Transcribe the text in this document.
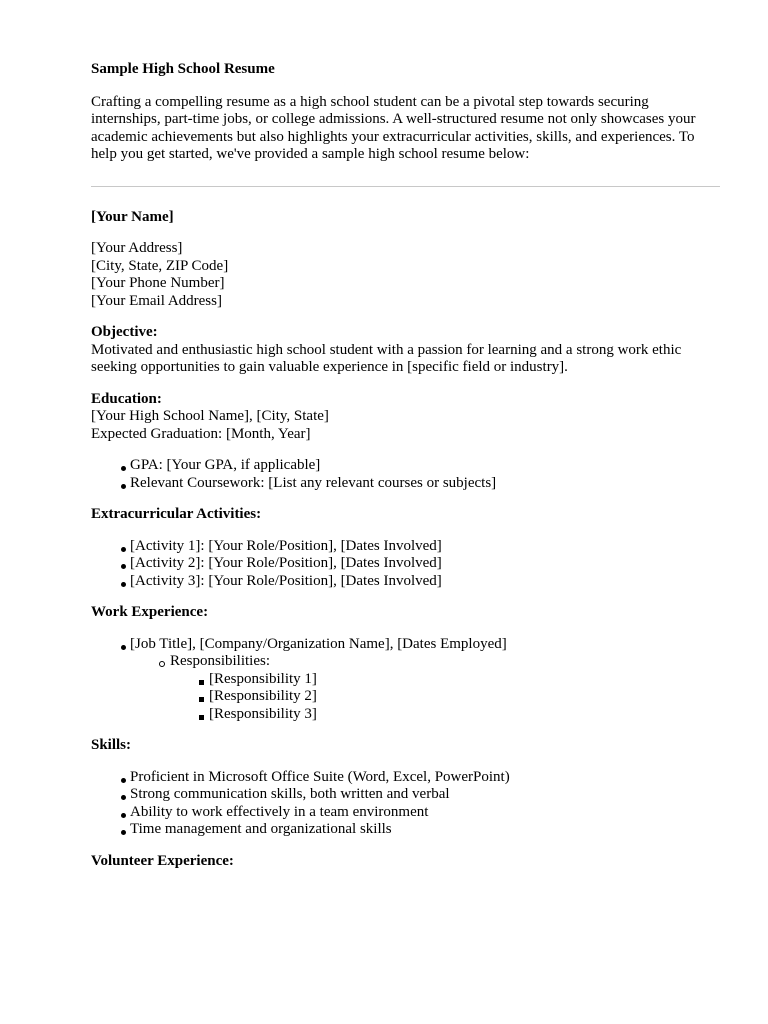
Sample High School Resume

Crafting a compelling resume as a high school student can be a pivotal step towards securing internships, part-time jobs, or college admissions. A well-structured resume not only showcases your academic achievements but also highlights your extracurricular activities, skills, and experiences. To help you get started, we've provided a sample high school resume below:

[Your Name]
[Your Address]
[City, State, ZIP Code]
[Your Phone Number]
[Your Email Address]
Objective:
Motivated and enthusiastic high school student with a passion for learning and a strong work ethic seeking opportunities to gain valuable experience in [specific field or industry].
Education:
[Your High School Name], [City, State]
Expected Graduation: [Month, Year]
GPA: [Your GPA, if applicable]
Relevant Coursework: [List any relevant courses or subjects]
Extracurricular Activities:
[Activity 1]: [Your Role/Position], [Dates Involved]
[Activity 2]: [Your Role/Position], [Dates Involved]
[Activity 3]: [Your Role/Position], [Dates Involved]
Work Experience:
[Job Title], [Company/Organization Name], [Dates Employed]
Responsibilities:
[Responsibility 1]
[Responsibility 2]
[Responsibility 3]
Skills:
Proficient in Microsoft Office Suite (Word, Excel, PowerPoint)
Strong communication skills, both written and verbal
Ability to work effectively in a team environment
Time management and organizational skills
Volunteer Experience:
